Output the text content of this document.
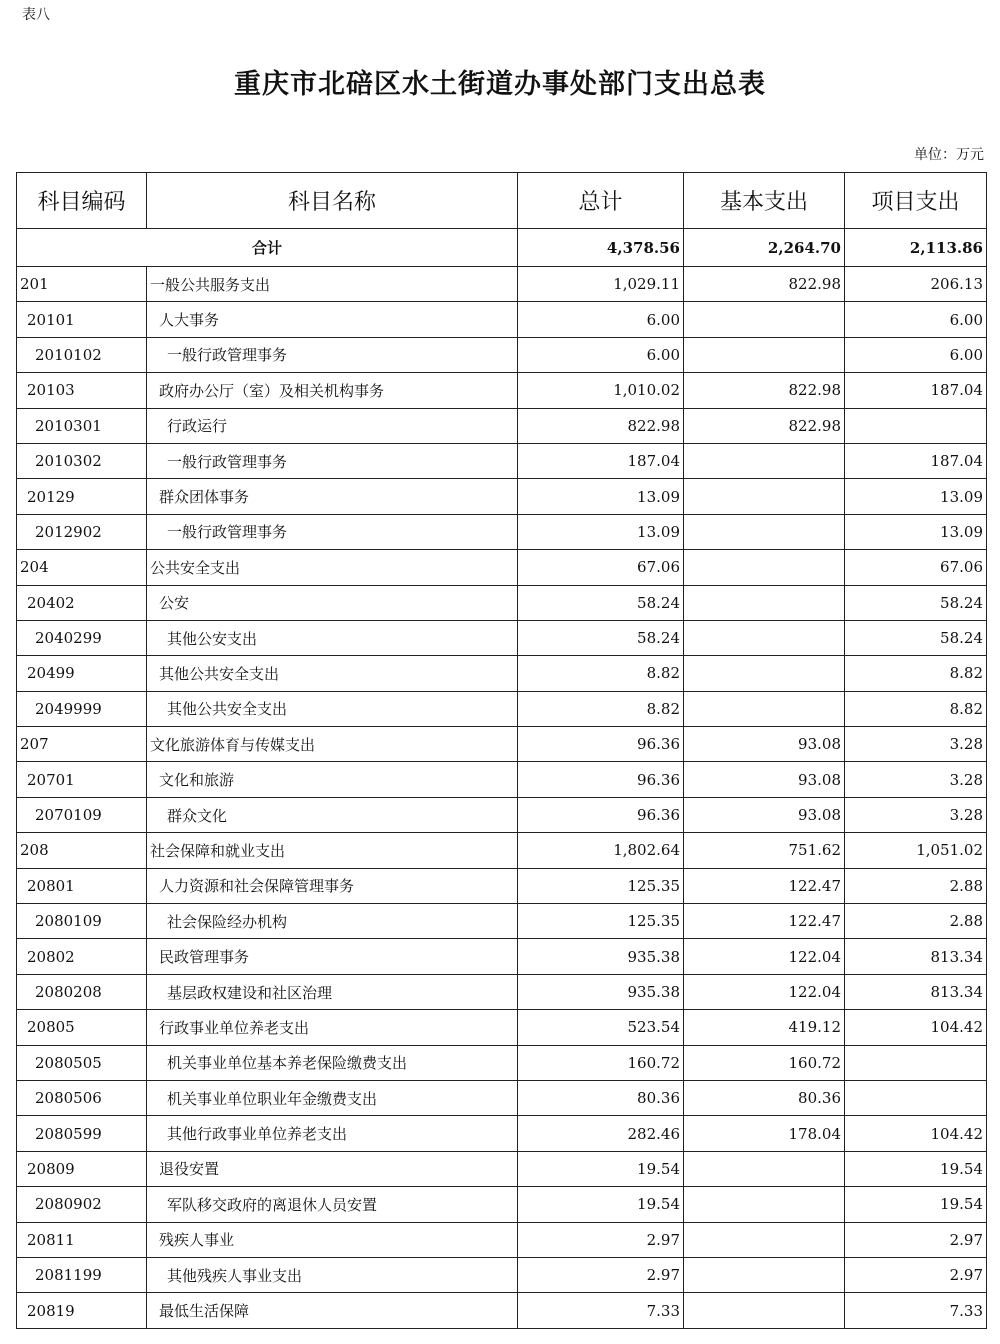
表八
重庆市北碚区水土街道办事处部门支出总表
单位：万元
科目编码	科目名称	总计	基本支出	项目支出
合计		4,378.56	2,264.70	2,113.86
201	一般公共服务支出	1,029.11	822.98	206.13
20101	人大事务	6.00		6.00
2010102	一般行政管理事务	6.00		6.00
20103	政府办公厅（室）及相关机构事务	1,010.02	822.98	187.04
2010301	行政运行	822.98	822.98	
2010302	一般行政管理事务	187.04		187.04
20129	群众团体事务	13.09		13.09
2012902	一般行政管理事务	13.09		13.09
204	公共安全支出	67.06		67.06
20402	公安	58.24		58.24
2040299	其他公安支出	58.24		58.24
20499	其他公共安全支出	8.82		8.82
2049999	其他公共安全支出	8.82		8.82
207	文化旅游体育与传媒支出	96.36	93.08	3.28
20701	文化和旅游	96.36	93.08	3.28
2070109	群众文化	96.36	93.08	3.28
208	社会保障和就业支出	1,802.64	751.62	1,051.02
20801	人力资源和社会保障管理事务	125.35	122.47	2.88
2080109	社会保险经办机构	125.35	122.47	2.88
20802	民政管理事务	935.38	122.04	813.34
2080208	基层政权建设和社区治理	935.38	122.04	813.34
20805	行政事业单位养老支出	523.54	419.12	104.42
2080505	机关事业单位基本养老保险缴费支出	160.72	160.72	
2080506	机关事业单位职业年金缴费支出	80.36	80.36	
2080599	其他行政事业单位养老支出	282.46	178.04	104.42
20809	退役安置	19.54		19.54
2080902	军队移交政府的离退休人员安置	19.54		19.54
20811	残疾人事业	2.97		2.97
2081199	其他残疾人事业支出	2.97		2.97
20819	最低生活保障	7.33		7.33
